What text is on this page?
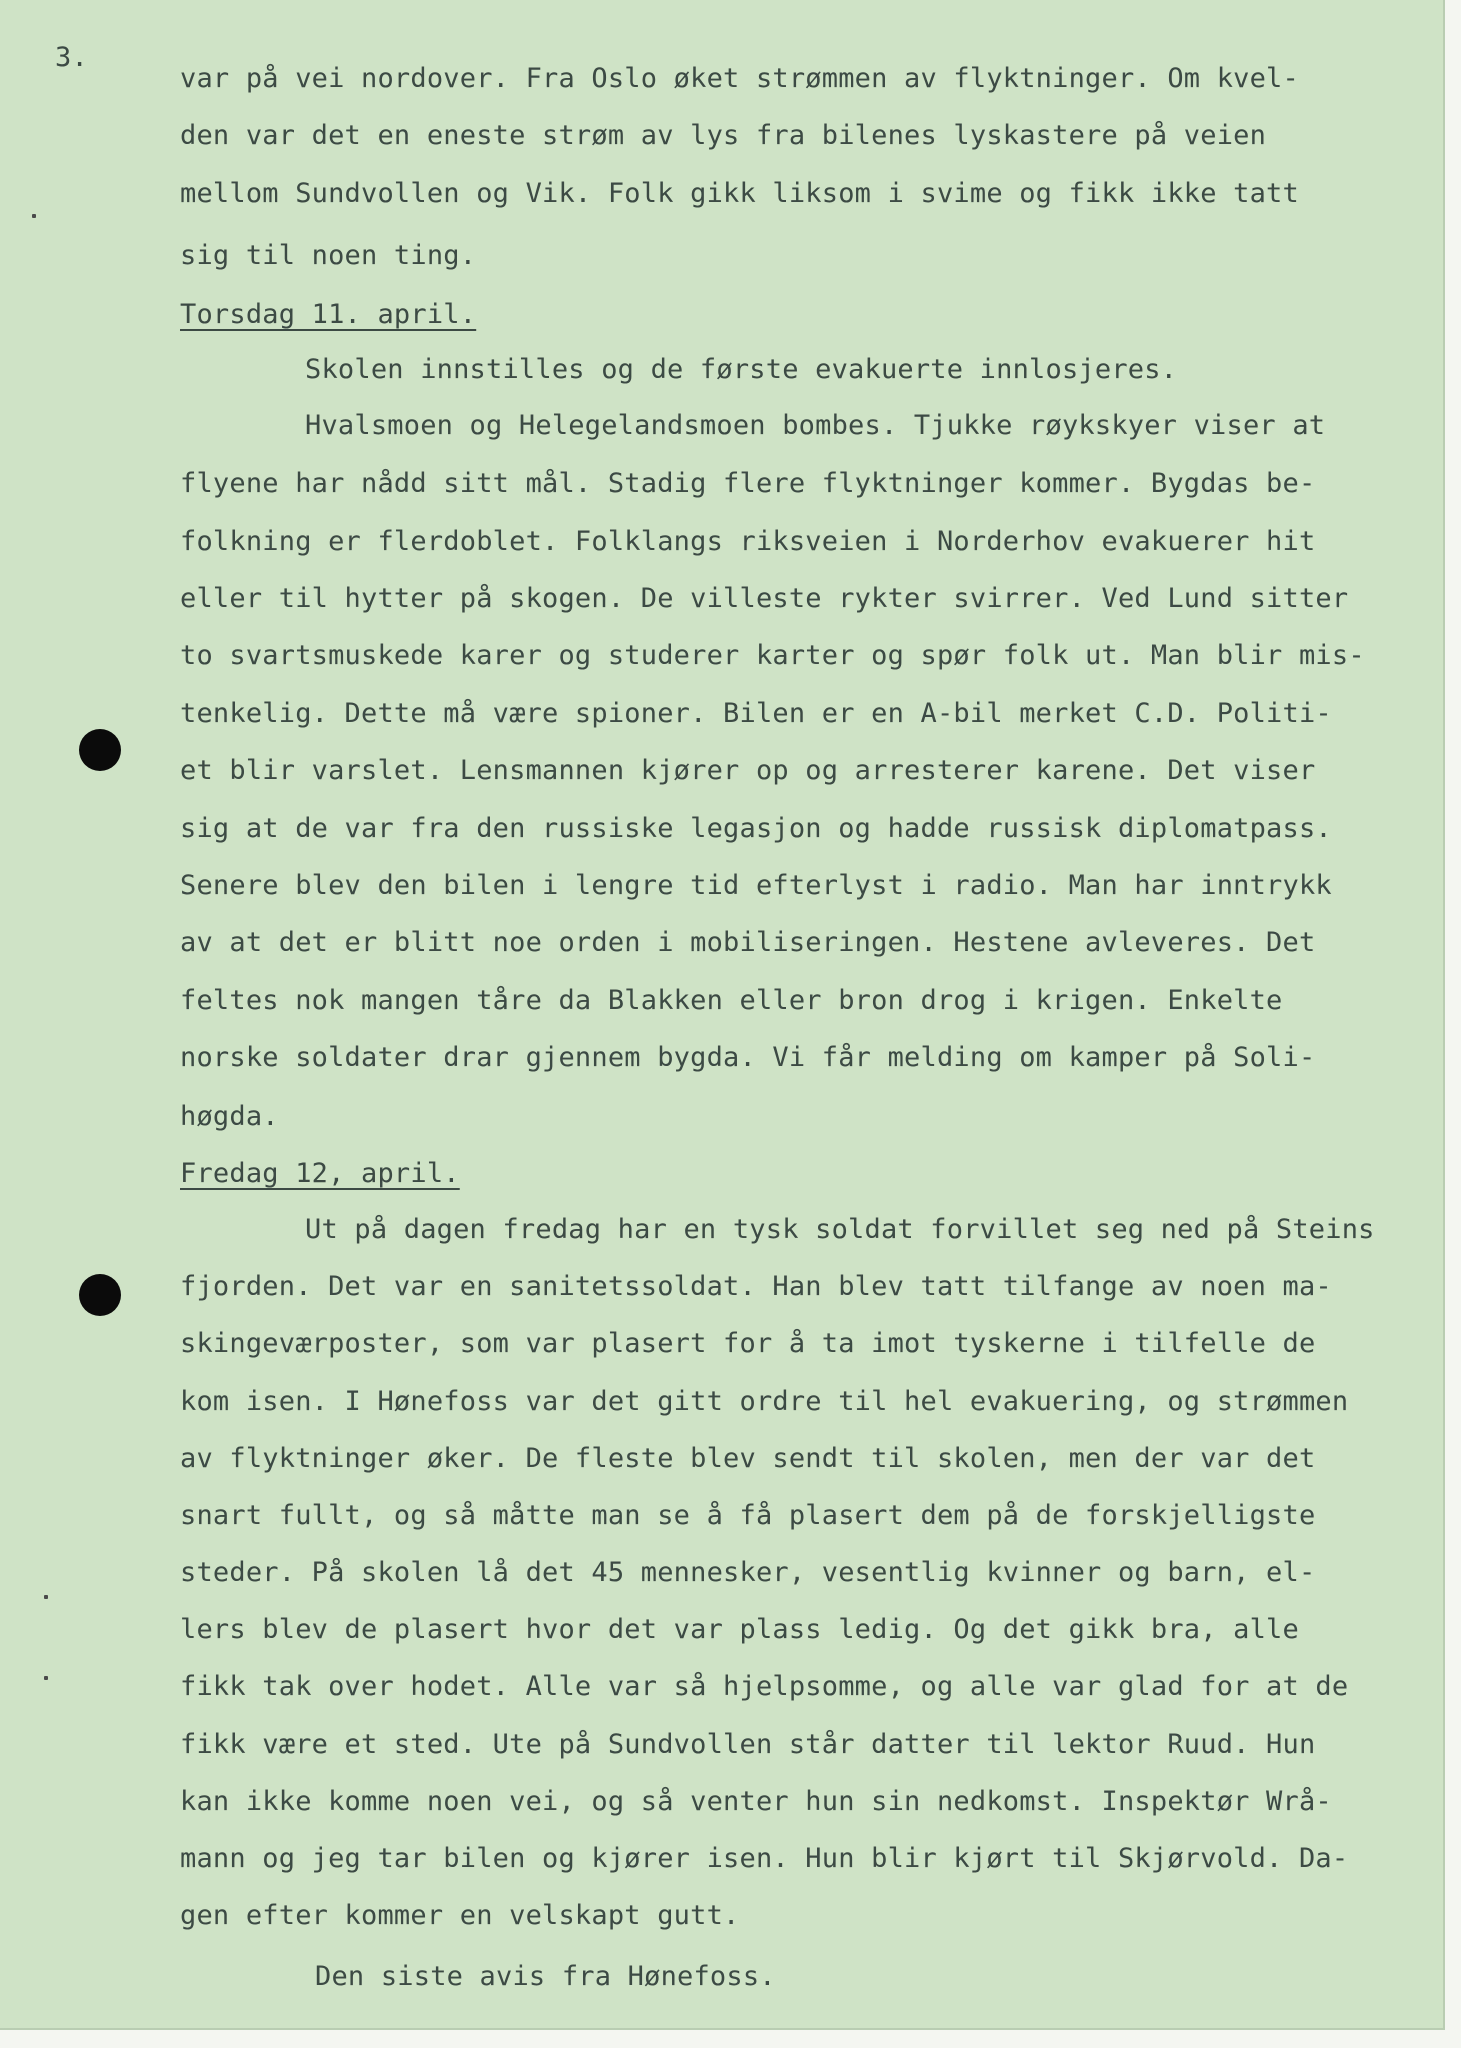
3.
var på vei nordover. Fra Oslo øket strømmen av flyktninger. Om kvel-
den var det en eneste strøm av lys fra bilenes lyskastere på veien
mellom Sundvollen og Vik. Folk gikk liksom i svime og fikk ikke tatt
sig til noen ting.
Torsdag 11. april.
Skolen innstilles og de første evakuerte innlosjeres.
Hvalsmoen og Helegelandsmoen bombes. Tjukke røykskyer viser at
flyene har nådd sitt mål. Stadig flere flyktninger kommer. Bygdas be-
folkning er flerdoblet. Folklangs riksveien i Norderhov evakuerer hit
eller til hytter på skogen. De villeste rykter svirrer. Ved Lund sitter
to svartsmuskede karer og studerer karter og spør folk ut. Man blir mis-
tenkelig. Dette må være spioner. Bilen er en A-bil merket C.D. Politi-
et blir varslet. Lensmannen kjører op og arresterer karene. Det viser
sig at de var fra den russiske legasjon og hadde russisk diplomatpass.
Senere blev den bilen i lengre tid efterlyst i radio. Man har inntrykk
av at det er blitt noe orden i mobiliseringen. Hestene avleveres. Det
feltes nok mangen tåre da Blakken eller bron drog i krigen. Enkelte
norske soldater drar gjennem bygda. Vi får melding om kamper på Soli-
høgda.
Fredag 12, april.
Ut på dagen fredag har en tysk soldat forvillet seg ned på Steins
fjorden. Det var en sanitetssoldat. Han blev tatt tilfange av noen ma-
skingeværposter, som var plasert for å ta imot tyskerne i tilfelle de
kom isen. I Hønefoss var det gitt ordre til hel evakuering, og strømmen
av flyktninger øker. De fleste blev sendt til skolen, men der var det
snart fullt, og så måtte man se å få plasert dem på de forskjelligste
steder. På skolen lå det 45 mennesker, vesentlig kvinner og barn, el-
lers blev de plasert hvor det var plass ledig. Og det gikk bra, alle
fikk tak over hodet. Alle var så hjelpsomme, og alle var glad for at de
fikk være et sted. Ute på Sundvollen står datter til lektor Ruud. Hun
kan ikke komme noen vei, og så venter hun sin nedkomst. Inspektør Wrå-
mann og jeg tar bilen og kjører isen. Hun blir kjørt til Skjørvold. Da-
gen efter kommer en velskapt gutt.
Den siste avis fra Hønefoss.
